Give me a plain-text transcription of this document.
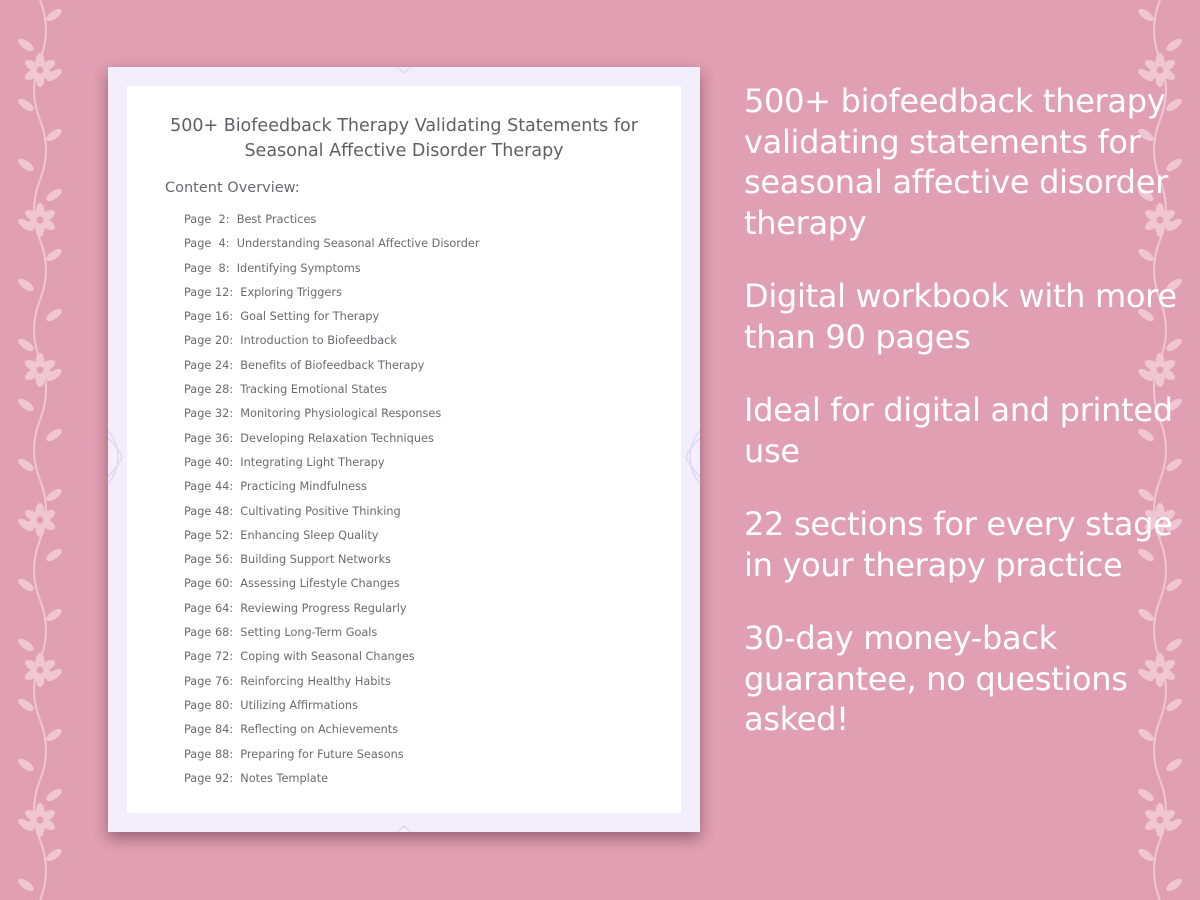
500+ Biofeedback Therapy Validating Statements for Seasonal Affective Disorder Therapy
Content Overview:
Page  2:  Best Practices
Page  4:  Understanding Seasonal Affective Disorder
Page  8:  Identifying Symptoms
Page 12:  Exploring Triggers
Page 16:  Goal Setting for Therapy
Page 20:  Introduction to Biofeedback
Page 24:  Benefits of Biofeedback Therapy
Page 28:  Tracking Emotional States
Page 32:  Monitoring Physiological Responses
Page 36:  Developing Relaxation Techniques
Page 40:  Integrating Light Therapy
Page 44:  Practicing Mindfulness
Page 48:  Cultivating Positive Thinking
Page 52:  Enhancing Sleep Quality
Page 56:  Building Support Networks
Page 60:  Assessing Lifestyle Changes
Page 64:  Reviewing Progress Regularly
Page 68:  Setting Long-Term Goals
Page 72:  Coping with Seasonal Changes
Page 76:  Reinforcing Healthy Habits
Page 80:  Utilizing Affirmations
Page 84:  Reflecting on Achievements
Page 88:  Preparing for Future Seasons
Page 92:  Notes Template
500+ biofeedback therapy validating statements for seasonal affective disorder therapy
Digital workbook with more than 90 pages
Ideal for digital and printed use
22 sections for every stage in your therapy practice
30-day money-back guarantee, no questions asked!
